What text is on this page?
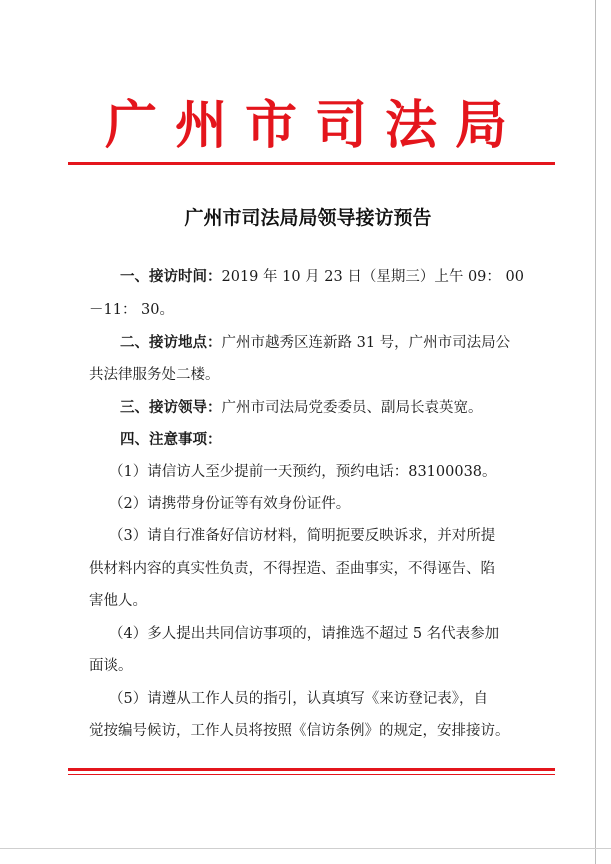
广州市司法局
广州市司法局局领导接访预告
一、接访时间：2019 年 10 月 23 日（星期三）上午 09： 00
－11： 30。
二、接访地点：广州市越秀区连新路 31 号，广州市司法局公
共法律服务处二楼。
三、接访领导：广州市司法局党委委员、副局长袁英宽。
四、注意事项：
（1）请信访人至少提前一天预约，预约电话：83100038。
（2）请携带身份证等有效身份证件。
（3）请自行准备好信访材料，简明扼要反映诉求，并对所提
供材料内容的真实性负责，不得捏造、歪曲事实，不得诬告、陷
害他人。
（4）多人提出共同信访事项的，请推选不超过 5 名代表参加
面谈。
（5）请遵从工作人员的指引，认真填写《来访登记表》，自
觉按编号候访，工作人员将按照《信访条例》的规定，安排接访。
